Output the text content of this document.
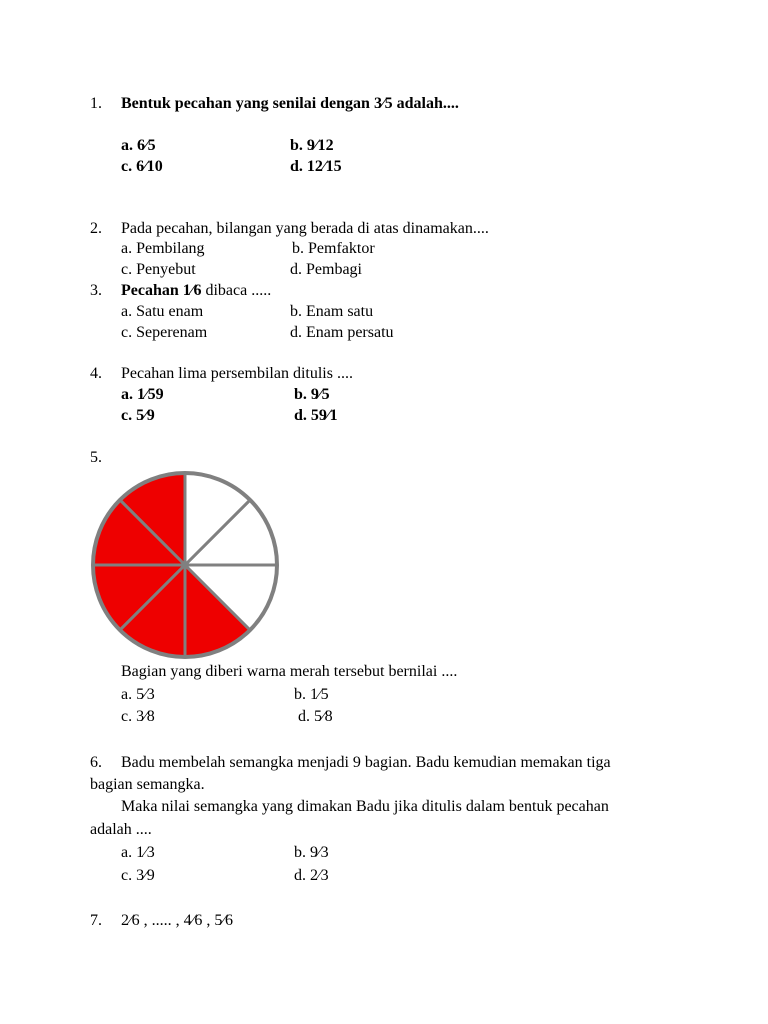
1. Bentuk pecahan yang senilai dengan 3⁄5 adalah....
a. 6⁄5	b. 9⁄12
c. 6⁄10	d. 12⁄15
2. Pada pecahan, bilangan yang berada di atas dinamakan....
a. Pembilang	b. Pemfaktor
c. Penyebut	d. Pembagi
3. Pecahan 1⁄6 dibaca .....
a. Satu enam	b. Enam satu
c. Seperenam	d. Enam persatu
4. Pecahan lima persembilan ditulis ....
a. 1⁄59	b. 9⁄5
c. 5⁄9	d. 59⁄1
5.
Bagian yang diberi warna merah tersebut bernilai ....
a. 5⁄3	b. 1⁄5
c. 3⁄8	d. 5⁄8
6. Badu membelah semangka menjadi 9 bagian. Badu kemudian memakan tiga
bagian semangka.
Maka nilai semangka yang dimakan Badu jika ditulis dalam bentuk pecahan
adalah ....
a. 1⁄3	b. 9⁄3
c. 3⁄9	d. 2⁄3
7. 2⁄6 , ..... , 4⁄6 , 5⁄6
